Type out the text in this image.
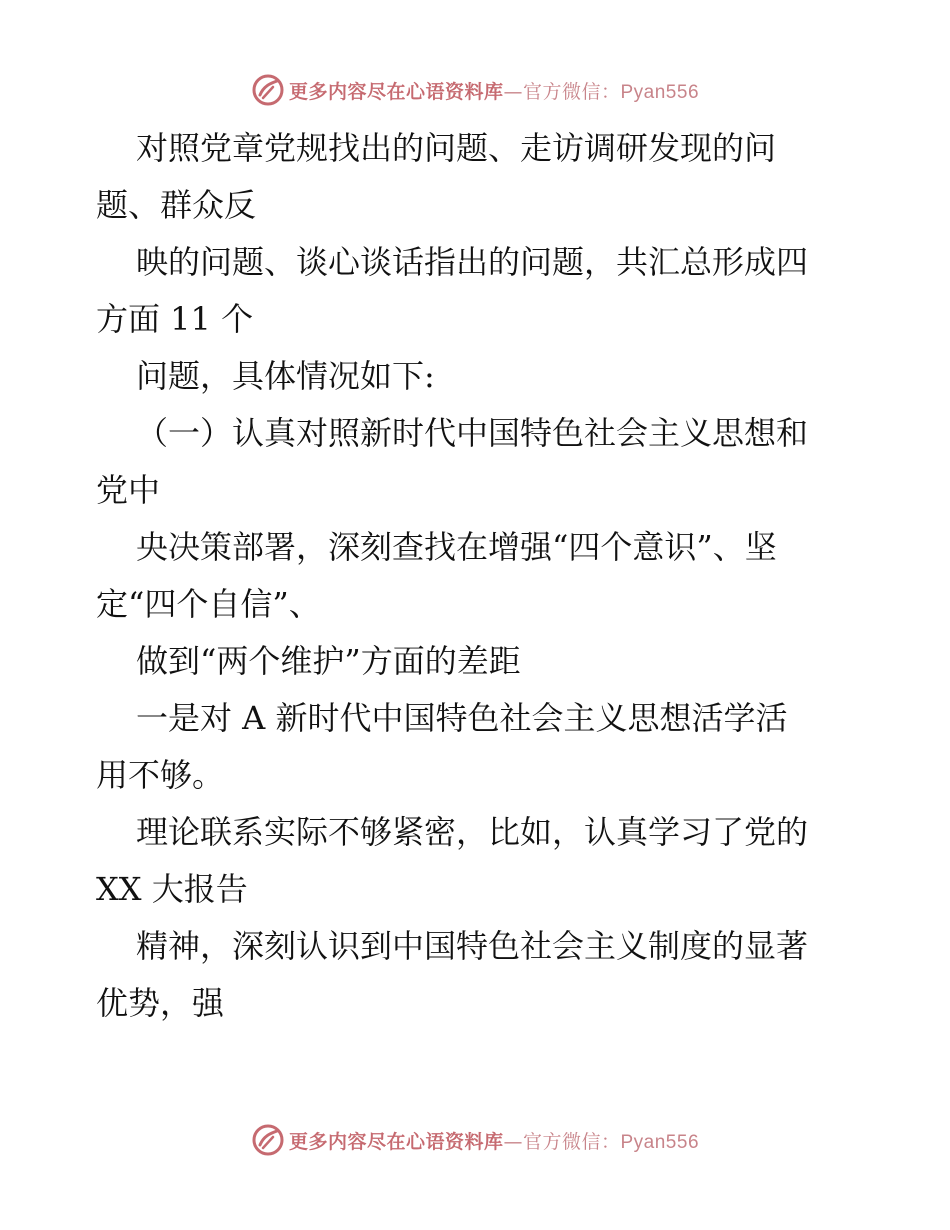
更多内容尽在心语资料库—官方微信：Pyan556
对照党章党规找出的问题、走访调研发现的问
题、群众反
映的问题、谈心谈话指出的问题，共汇总形成四
方面 11 个
问题，具体情况如下:
（一）认真对照新时代中国特色社会主义思想和
党中
央决策部署，深刻查找在增强“四个意识”、坚
定“四个自信”、
做到“两个维护”方面的差距
一是对 A 新时代中国特色社会主义思想活学活
用不够。
理论联系实际不够紧密，比如，认真学习了党的
XX 大报告
精神，深刻认识到中国特色社会主义制度的显著
优势，强
更多内容尽在心语资料库—官方微信：Pyan556
